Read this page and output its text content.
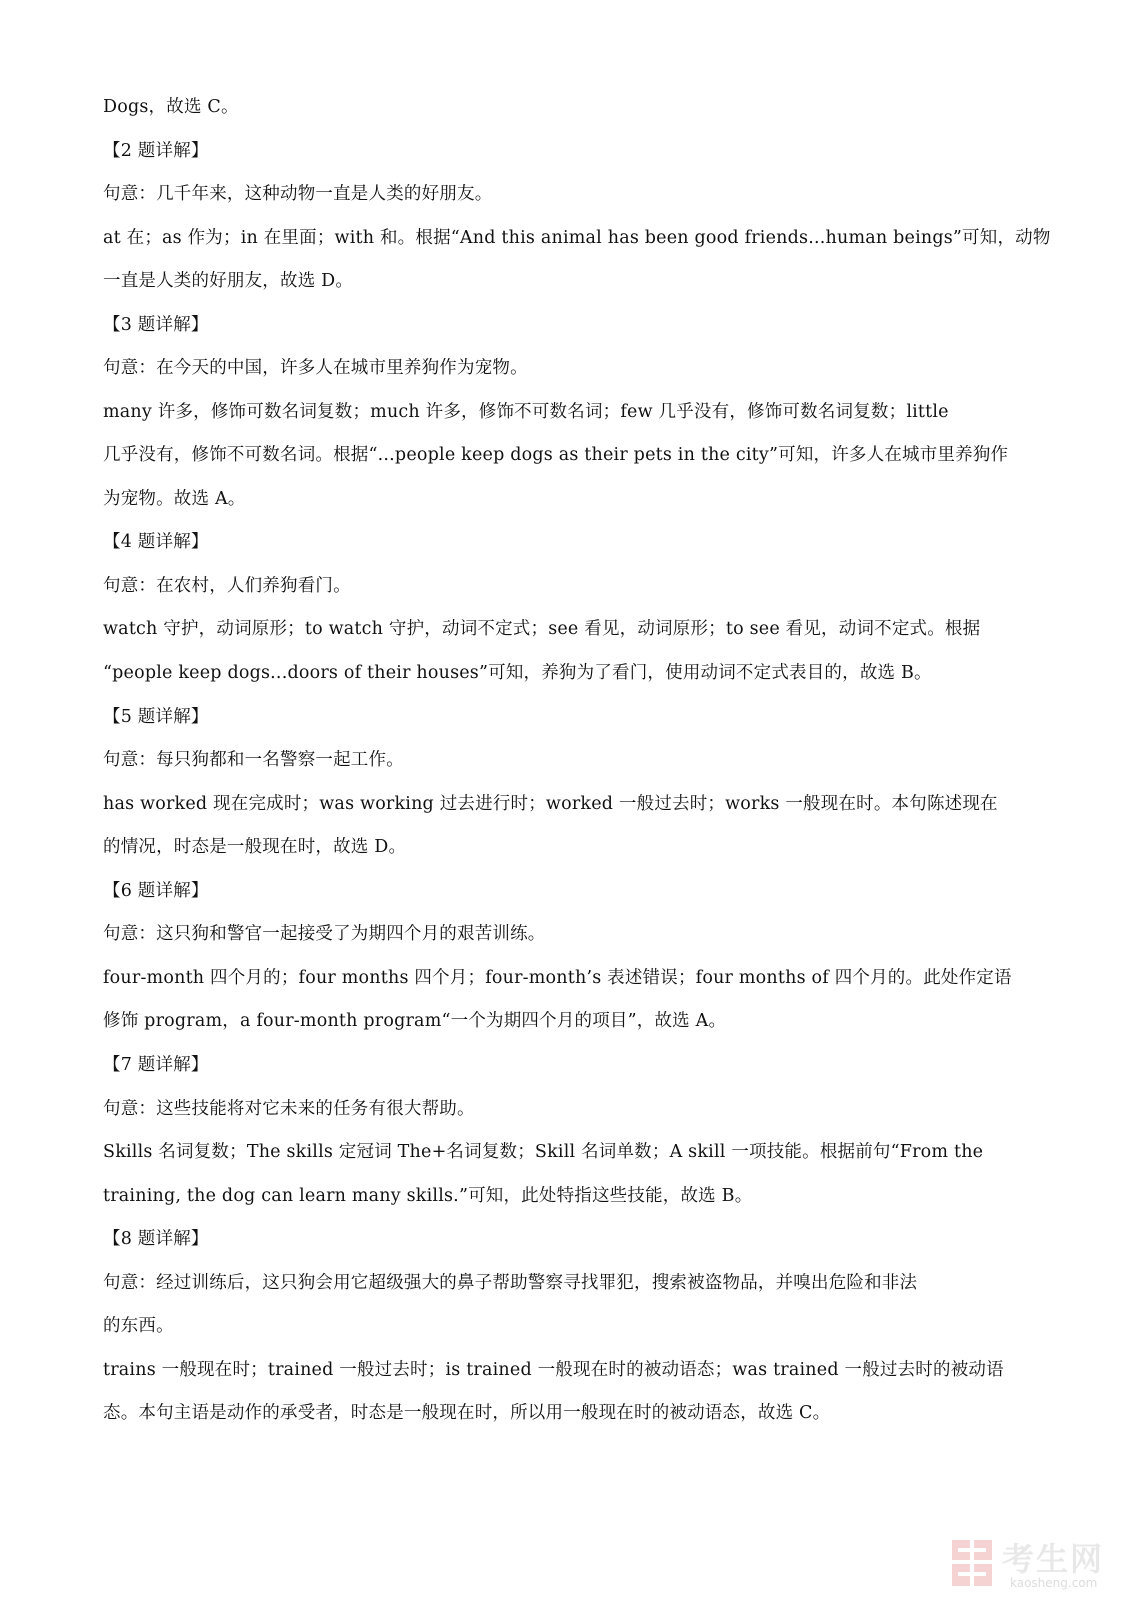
Dogs，故选 C。
【2 题详解】
句意：几千年来，这种动物一直是人类的好朋友。
at 在；as 作为；in 在里面；with 和。根据“And this animal has been good friends...human beings”可知，动物
一直是人类的好朋友，故选 D。
【3 题详解】
句意：在今天的中国，许多人在城市里养狗作为宠物。
many 许多，修饰可数名词复数；much 许多，修饰不可数名词；few 几乎没有，修饰可数名词复数；little
几乎没有，修饰不可数名词。根据“...people keep dogs as their pets in the city”可知，许多人在城市里养狗作
为宠物。故选 A。
【4 题详解】
句意：在农村，人们养狗看门。
watch 守护，动词原形；to watch 守护，动词不定式；see 看见，动词原形；to see 看见，动词不定式。根据
“people keep dogs...doors of their houses”可知，养狗为了看门，使用动词不定式表目的，故选 B。
【5 题详解】
句意：每只狗都和一名警察一起工作。
has worked 现在完成时；was working 过去进行时；worked 一般过去时；works 一般现在时。本句陈述现在
的情况，时态是一般现在时，故选 D。
【6 题详解】
句意：这只狗和警官一起接受了为期四个月的艰苦训练。
four-month 四个月的；four months 四个月；four-month’s 表述错误；four months of 四个月的。此处作定语
修饰 program，a four-month program“一个为期四个月的项目”，故选 A。
【7 题详解】
句意：这些技能将对它未来的任务有很大帮助。
Skills 名词复数；The skills 定冠词 The+名词复数；Skill 名词单数；A skill 一项技能。根据前句“From the
training, the dog can learn many skills.”可知，此处特指这些技能，故选 B。
【8 题详解】
句意：经过训练后，这只狗会用它超级强大的鼻子帮助警察寻找罪犯，搜索被盗物品，并嗅出危险和非法
的东西。
trains 一般现在时；trained 一般过去时；is trained 一般现在时的被动语态；was trained 一般过去时的被动语
态。本句主语是动作的承受者，时态是一般现在时，所以用一般现在时的被动语态，故选 C。
考生网
kaosheng.com
